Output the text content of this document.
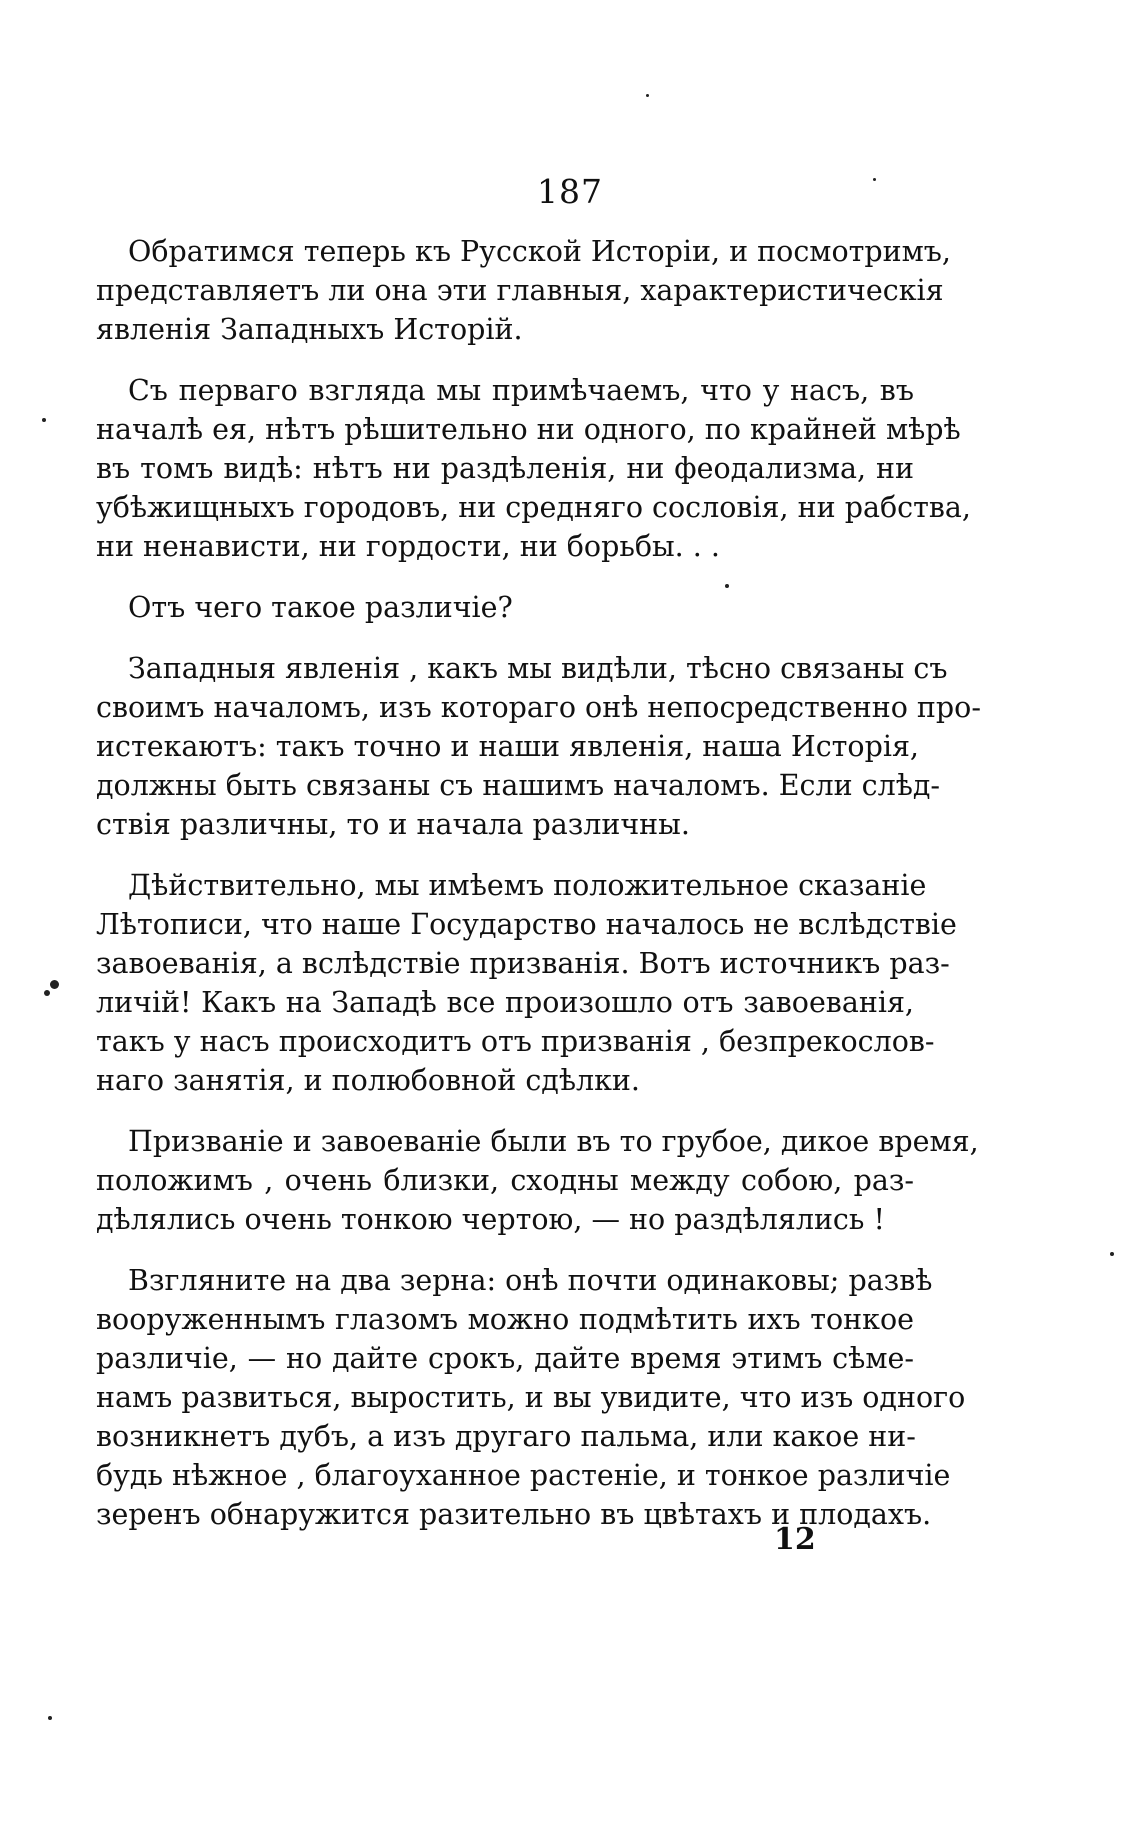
187
Обратимся теперь къ Русской Исторіи, и посмотримъ,
представляетъ ли она эти главныя, характеристическія
явленія Западныхъ Исторій.
Съ перваго взгляда мы примѣчаемъ, что у насъ, въ
началѣ ея, нѣтъ рѣшительно ни одного, по крайней мѣрѣ
въ томъ видѣ: нѣтъ ни раздѣленія, ни феодализма, ни
убѣжищныхъ городовъ, ни средняго сословія, ни рабства,
ни ненависти, ни гордости, ни борьбы. . .
Отъ чего такое различіе?
Западныя явленія , какъ мы видѣли, тѣсно связаны съ
своимъ началомъ, изъ котораго онѣ непосредственно про-
истекаютъ: такъ точно и наши явленія, наша Исторія,
должны быть связаны съ нашимъ началомъ. Если слѣд-
ствія различны, то и начала различны.
Дѣйствительно, мы имѣемъ положительное сказаніе
Лѣтописи, что наше Государство началось не вслѣдствіе
завоеванія, а вслѣдствіе призванія. Вотъ источникъ раз-
личій! Какъ на Западѣ все произошло отъ завоеванія,
такъ у насъ происходитъ отъ призванія , безпрекослов-
наго занятія, и полюбовной сдѣлки.
Призваніе и завоеваніе были въ то грубое, дикое время,
положимъ , очень близки, сходны между собою, раз-
дѣлялись очень тонкою чертою, — но раздѣлялись !
Взгляните на два зерна: онѣ почти одинаковы; развѣ
вооруженнымъ глазомъ можно подмѣтить ихъ тонкое
различіе, — но дайте срокъ, дайте время этимъ сѣме-
намъ развиться, выростить, и вы увидите, что изъ одного
возникнетъ дубъ, а изъ другаго пальма, или какое ни-
будь нѣжное , благоуханное растеніе, и тонкое различіе
зеренъ обнаружится разительно въ цвѣтахъ и плодахъ.
12
